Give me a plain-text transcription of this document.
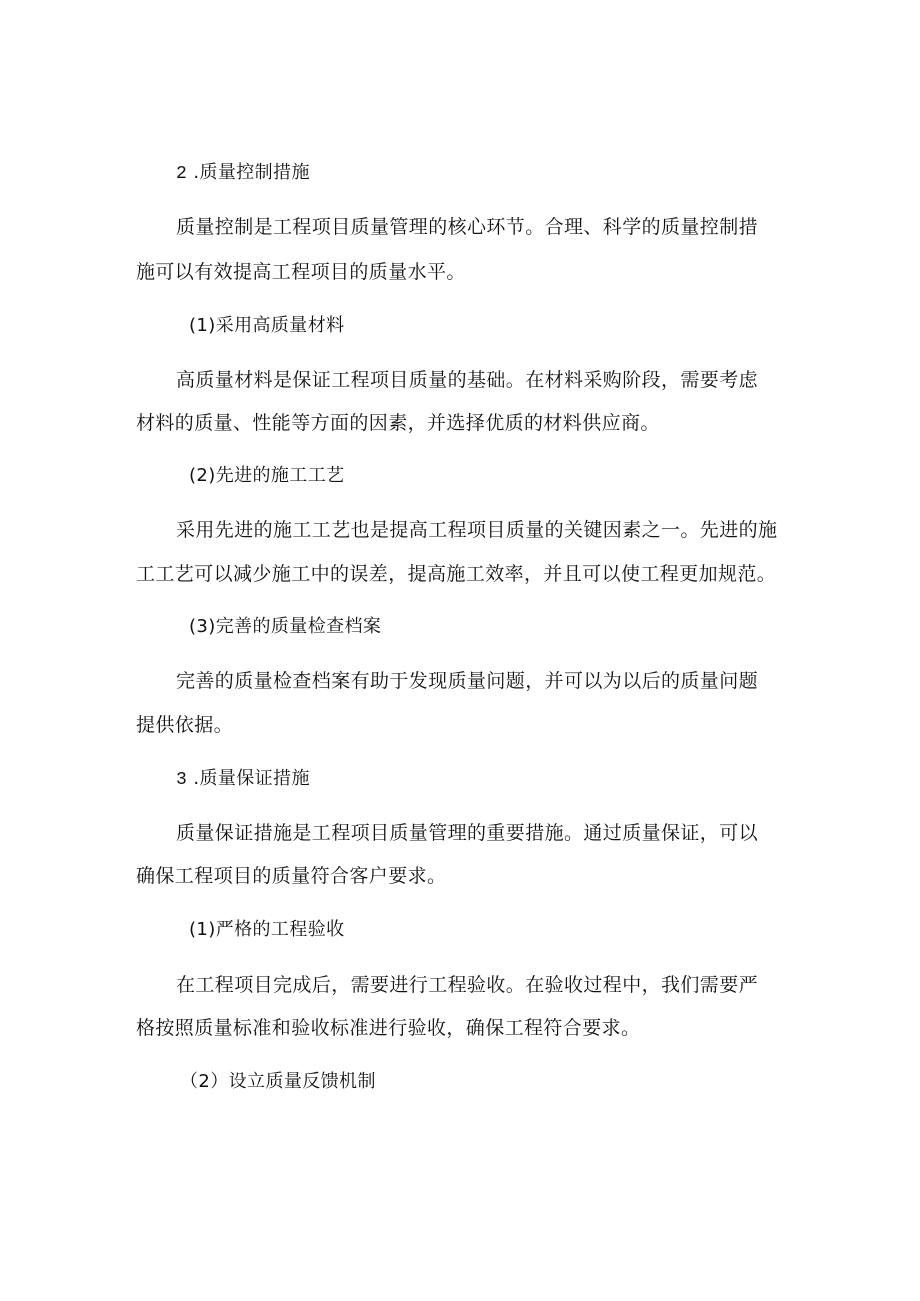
2 .质量控制措施
质量控制是工程项目质量管理的核心环节。合理、科学的质量控制措
施可以有效提高工程项目的质量水平。
(1)采用高质量材料
高质量材料是保证工程项目质量的基础。在材料采购阶段，需要考虑
材料的质量、性能等方面的因素，并选择优质的材料供应商。
(2)先进的施工工艺
采用先进的施工工艺也是提高工程项目质量的关键因素之一。先进的施
工工艺可以减少施工中的误差，提高施工效率，并且可以使工程更加规范。
(3)完善的质量检查档案
完善的质量检查档案有助于发现质量问题，并可以为以后的质量问题
提供依据。
3 .质量保证措施
质量保证措施是工程项目质量管理的重要措施。通过质量保证，可以
确保工程项目的质量符合客户要求。
(1)严格的工程验收
在工程项目完成后，需要进行工程验收。在验收过程中，我们需要严
格按照质量标准和验收标准进行验收，确保工程符合要求。
（2）设立质量反馈机制
